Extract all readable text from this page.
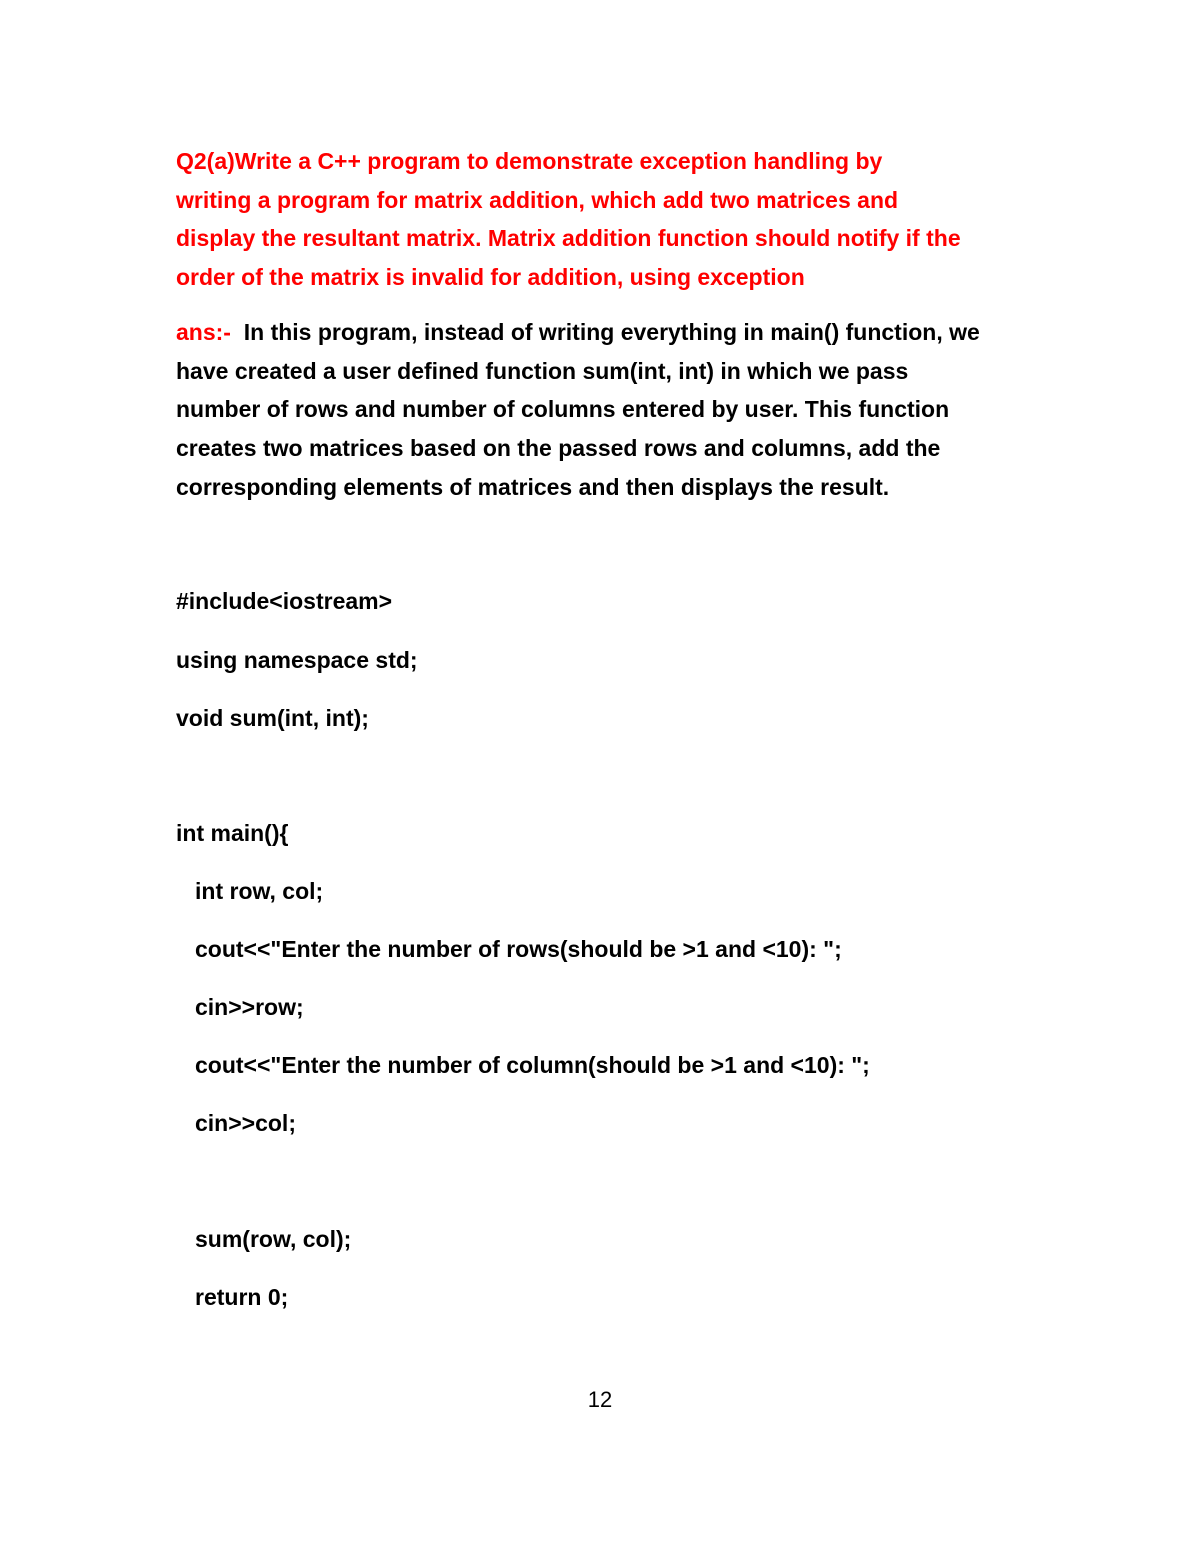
Q2(a)Write a C++ program to demonstrate exception handling by
writing a program for matrix addition, which add two matrices and
display the resultant matrix. Matrix addition function should notify if the
order of the matrix is invalid for addition, using exception
ans:-  In this program, instead of writing everything in main() function, we
have created a user defined function sum(int, int) in which we pass
number of rows and number of columns entered by user. This function
creates two matrices based on the passed rows and columns, add the
corresponding elements of matrices and then displays the result.
#include<iostream>
using namespace std;
void sum(int, int);
int main(){
int row, col;
cout<<"Enter the number of rows(should be >1 and <10): ";
cin>>row;
cout<<"Enter the number of column(should be >1 and <10): ";
cin>>col;
sum(row, col);
return 0;
12
